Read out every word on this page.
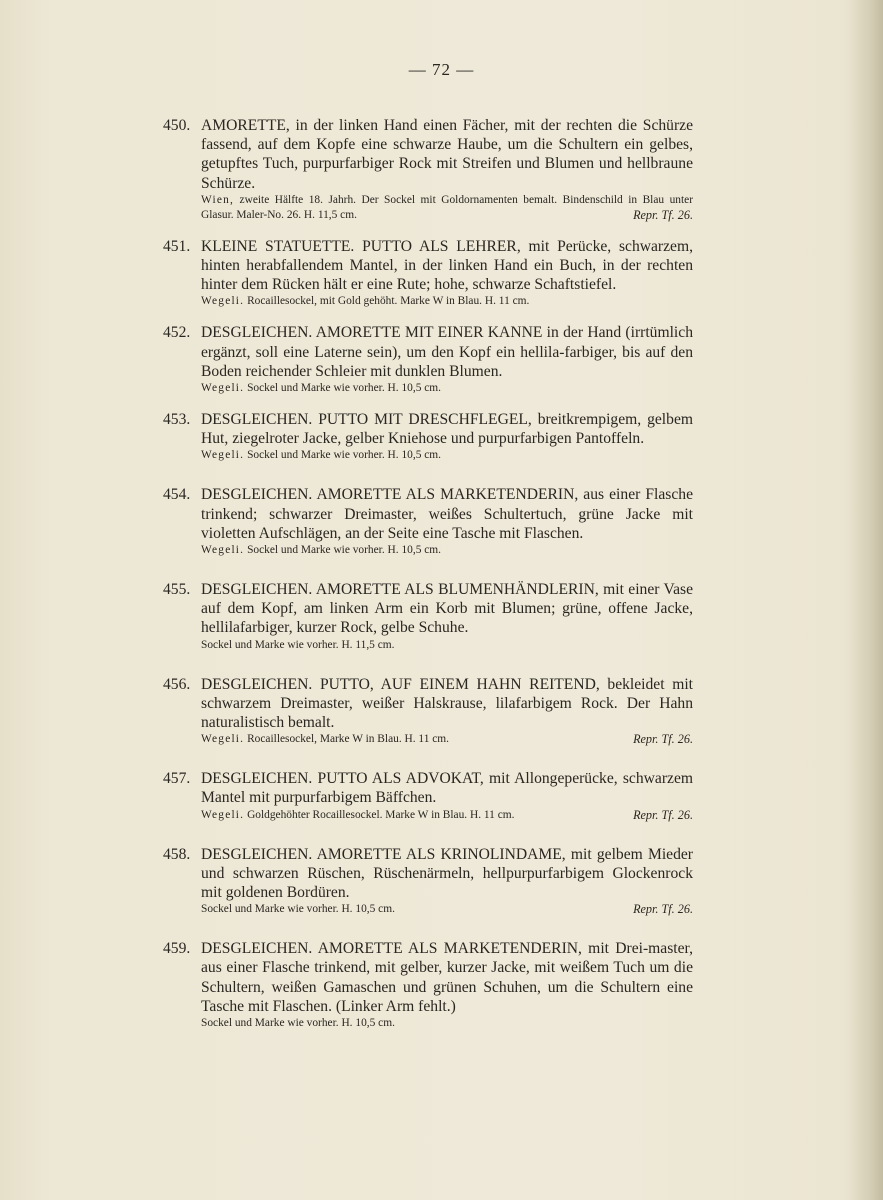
— 72 —
450. AMORETTE, in der linken Hand einen Fächer, mit der rechten die Schürze fassend, auf dem Kopfe eine schwarze Haube, um die Schultern ein gelbes, getupftes Tuch, purpurfarbiger Rock mit Streifen und Blumen und hellbraune Schürze.
Wien, zweite Hälfte 18. Jahrh. Der Sockel mit Goldornamenten bemalt. Bindenschild in Blau unter Glasur. Maler-No. 26. H. 11,5 cm.	Repr. Tf. 26.
451. KLEINE STATUETTE. PUTTO ALS LEHRER, mit Perücke, schwarzem, hinten herabfallendem Mantel, in der linken Hand ein Buch, in der rechten hinter dem Rücken hält er eine Rute; hohe, schwarze Schaftstiefel.
Wegeli. Rocaillesockel, mit Gold gehöht. Marke W in Blau. H. 11 cm.
452. DESGLEICHEN. AMORETTE MIT EINER KANNE in der Hand (irrtümlich ergänzt, soll eine Laterne sein), um den Kopf ein hellila-farbiger, bis auf den Boden reichender Schleier mit dunklen Blumen.
Wegeli. Sockel und Marke wie vorher. H. 10,5 cm.
453. DESGLEICHEN. PUTTO MIT DRESCHFLEGEL, breitkrempigem, gelbem Hut, ziegelroter Jacke, gelber Kniehose und purpurfarbigen Pantoffeln.
Wegeli. Sockel und Marke wie vorher. H. 10,5 cm.
454. DESGLEICHEN. AMORETTE ALS MARKETENDERIN, aus einer Flasche trinkend; schwarzer Dreimaster, weißes Schultertuch, grüne Jacke mit violetten Aufschlägen, an der Seite eine Tasche mit Flaschen.
Wegeli. Sockel und Marke wie vorher. H. 10,5 cm.
455. DESGLEICHEN. AMORETTE ALS BLUMENHÄNDLERIN, mit einer Vase auf dem Kopf, am linken Arm ein Korb mit Blumen; grüne, offene Jacke, hellilafarbiger, kurzer Rock, gelbe Schuhe.
Sockel und Marke wie vorher. H. 11,5 cm.
456. DESGLEICHEN. PUTTO, AUF EINEM HAHN REITEND, bekleidet mit schwarzem Dreimaster, weißer Halskrause, lilafarbigem Rock. Der Hahn naturalistisch bemalt.
Wegeli. Rocaillesockel, Marke W in Blau. H. 11 cm.	Repr. Tf. 26.
457. DESGLEICHEN. PUTTO ALS ADVOKAT, mit Allongeperücke, schwarzem Mantel mit purpurfarbigem Bäffchen.
Wegeli. Goldgehöhter Rocaillesockel. Marke W in Blau. H. 11 cm.	Repr. Tf. 26.
458. DESGLEICHEN. AMORETTE ALS KRINOLINDAME, mit gelbem Mieder und schwarzen Rüschen, Rüschenärmeln, hellpurpurfarbigem Glockenrock mit goldenen Bordüren.
Sockel und Marke wie vorher. H. 10,5 cm.	Repr. Tf. 26.
459. DESGLEICHEN. AMORETTE ALS MARKETENDERIN, mit Drei-master, aus einer Flasche trinkend, mit gelber, kurzer Jacke, mit weißem Tuch um die Schultern, weißen Gamaschen und grünen Schuhen, um die Schultern eine Tasche mit Flaschen. (Linker Arm fehlt.)
Sockel und Marke wie vorher. H. 10,5 cm.
